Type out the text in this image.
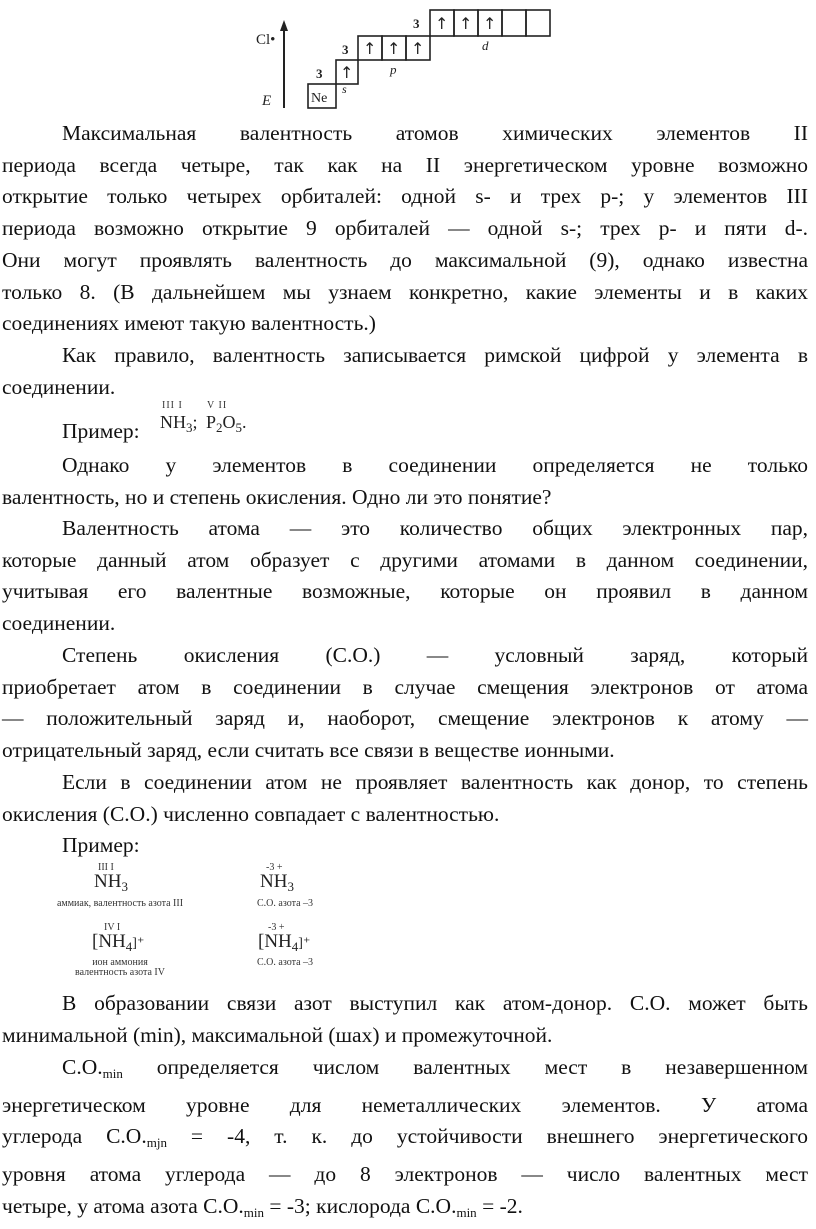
Cl•
E	Ne
3 ↑
s
3 ↑ ↑ ↑
p
3 ↑ ↑ ↑
d
Максимальная валентность атомов химических элементов II
периода всегда четыре, так как на II энергетическом уровне возможно
открытие только четырех орбиталей: одной s- и трех p-; у элементов III
периода возможно открытие 9 орбиталей — одной s-; трех p- и пяти d-.
Они могут проявлять валентность до максимальной (9), однако известна
только 8. (В дальнейшем мы узнаем конкретно, какие элементы и в каких
соединениях имеют такую валентность.)
Как правило, валентность записывается римской цифрой у элемента в
соединении.
Пример:
III I
$NH_3$;
V II
$P_2O_5$.
Однако у элементов в соединении определяется не только
валентность, но и степень окисления. Одно ли это понятие?
Валентность атома — это количество общих электронных пар,
которые данный атом образует с другими атомами в данном соединении,
учитывая его валентные возможные, которые он проявил в данном
соединении.
Степень окисления (С.О.) — условный заряд, который
приобретает атом в соединении в случае смещения электронов от атома
— положительный заряд и, наоборот, смещение электронов к атому —
отрицательный заряд, если считать все связи в веществе ионными.
Если в соединении атом не проявляет валентность как донор, то степень
окисления (С.О.) численно совпадает с валентностью.
Пример:
III I
$NH_3$
аммиак, валентность азота III
-3 +
$NH_3$
С.О. азота –3
IV I
$[NH_4]^+$
ион аммония
валентность азота IV
-3 +
$[NH_4]^+$
С.О. азота –3
В образовании связи азот выступил как атом-донор. С.О. может быть
минимальной (min), максимальной (шах) и промежуточной.
$С.О._{min}$ определяется числом валентных мест в незавершенном
энергетическом уровне для неметаллических элементов. У атома
углерода $С.О._{mjn} = -4$, т. к. до устойчивости внешнего энергетического
уровня атома углерода — до 8 электронов — число валентных мест
четыре, у атома азота $С.О._{min} = -3$; кислорода $С.О._{min} = -2$.
